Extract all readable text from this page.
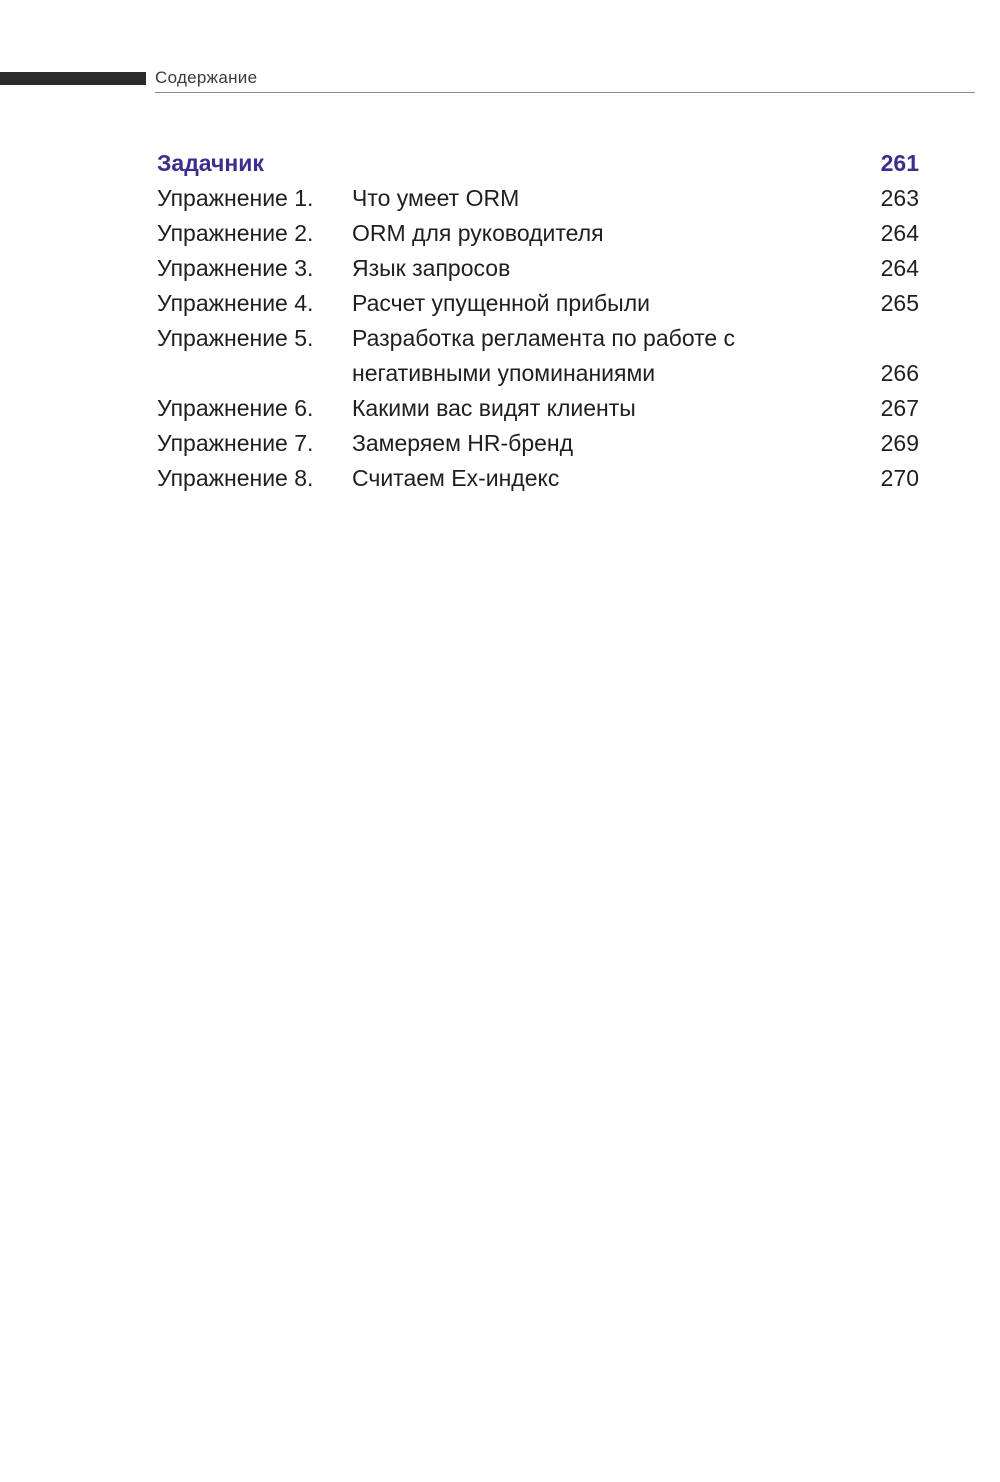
Содержание
Задачник	261
Упражнение 1. Что умеет ORM	263
Упражнение 2. ORM для руководителя	264
Упражнение 3. Язык запросов	264
Упражнение 4. Расчет упущенной прибыли	265
Упражнение 5. Разработка регламента по работе с негативными упоминаниями	266
Упражнение 6. Какими вас видят клиенты	267
Упражнение 7. Замеряем HR-бренд	269
Упражнение 8. Считаем Ех-индекс	270
